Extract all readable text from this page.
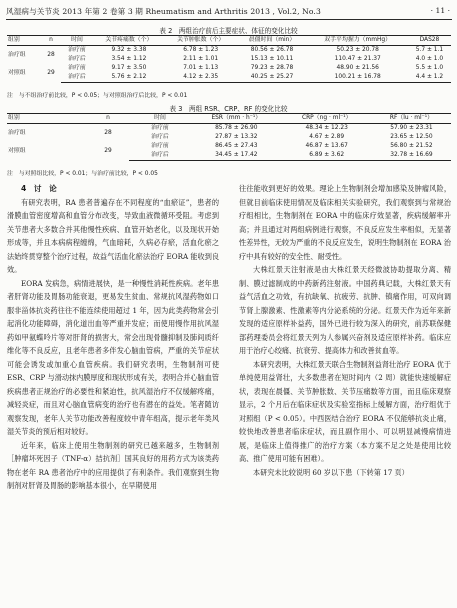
风湿病与关节炎 2013 年第 2 卷第 3 期 Rheumatism and Arthritis 2013 , Vol.2, No.3	· 11 ·
表 2　两组治疗前后主要症状、体征的变化比较
组别	n	时间	关节疼痛数（个）	关节肿胀数（个）	晨僵时间（min）	双手平均握力（mmHg）	DAS28
治疗组	28	治疗前	9.32 ± 3.38	6.78 ± 1.23	80.56 ± 26.78	50.23 ± 20.78	5.7 ± 1.1
		治疗后	3.54 ± 1.12	2.11 ± 1.01	15.13 ± 10.11	110.47 ± 21.37	4.0 ± 1.0
对照组	29	治疗前	9.17 ± 3.50	7.01 ± 1.13	79.23 ± 28.78	48.90 ± 21.56	5.5 ± 1.0
		治疗后	5.76 ± 2.12	4.12 ± 2.35	40.25 ± 25.27	100.21 ± 16.78	4.4 ± 1.2
注　与不组治疗前比较，P < 0.05；与对照组治疗后比较，P < 0.01
表 3　两组 RSR、CRP、RF 的变化比较
组别	n	时间	ESR（mm · h⁻¹）	CRP（ng · ml⁻¹）	RF（lu · ml⁻¹）
治疗组	28	治疗前	85.78 ± 26.90	48.34 ± 12.23	57.90 ± 23.31
		治疗后	27.87 ± 13.32	4.67 ± 2.89	23.65 ± 12.50
对照组	29	治疗前	86.45 ± 27.43	46.87 ± 13.67	56.80 ± 21.52
		治疗后	34.45 ± 17.42	6.89 ± 3.62	32.78 ± 16.69
注　与对照组比较，P < 0.01；与治疗前比较，P < 0.05

4　讨　论

有研究表明，RA 患者普遍存在不同程度的“血瘀证”，患者的滑膜血管密度增高和血管分布改变，导致血液微循环受阻。考虑到关节患者大多数合并其他慢性疾病、血管开始老化，以及现状开始形成等，并且本病病程缠绵，气血暗耗，久病必存瘀，活血化瘀之法始终贯穿整个治疗过程，故益气活血化瘀法治疗 EORA 能收到良效。

EORA 发病急，病情进展快，是一种慢性消耗性疾病。老年患者肝肾功能及胃肠功能衰退，更易发生贫血、常规抗风湿药物如口服非甾体抗炎药往往不能连续使用超过 1 年，因为此类药物常会引起消化功能障碍，消化道出血等严重并发症；而使用慢作用抗风湿药如甲氨蝶呤片等对肝肾的损害大，常会出现骨髓抑制及肺间质纤维化等不良反应，且老年患者多伴发心脑血管病，严重的关节症状可能会诱发或加重心血管疾病。我们研究表明，生物制剂可使 ESR、CRP 与滑动抹内膜厚度和现状形成有关，表明合并心脑血管疾病患者正规治疗的必要性和紧迫性，抗风湿治疗不仅缓解疼痛，减轻炎症，而且对心脑血管病变的治疗也有潜在的益处。笔者随访观察发现，老年人关节功能改善程度较中青年组高，提示老年类风湿关节炎的预后相对较好。

近年来，临床上使用生物制剂的研究已越来越多，生物制剂［肿瘤坏死因子（TNF-α）拮抗剂］国其良好的用药方式为该类药物在老年 RA 患者治疗中的应用提供了有利条件。我们观察到生物制剂对肝肾及胃肠的影响基本很小，在早期使用

往往能收到更好的效果。理论上生物制剂会增加感染及肿瘤风险，但就目前临床使用情况及临床相关实验研究，我们观察到与常规治疗组相比，生物制剂在 EORA 中的临床疗效显著，疾病缓解率升高；并且通过对两组病例进行观察，不良反应发生率相似，无显著性差异性，无较为严重的不良反应发生，说明生物制剂在 EORA 治疗中具有较好的安全性、耐受性。

大株红景天注射液是由大株红景天经微波协助提取分离、精制、膜过滤制成的中药新药注射液。中国药典记载，大株红景天有益气活血之功效，有抗缺氧、抗疲劳、抗肿、镇痛作用，可双向调节肾上腺激素、性激素等内分泌系统的分泌。红景天作为近年来新发现的适应原样补益药，国外已进行较为深入的研究，前苏联保健部药理委员会将红景天列为人参属兴奋剂及适应原样补药。临床应用于治疗心绞痛、抗衰劳、提高体力和改善贫血等。

本研究表明，大株红景天联合生物制剂益肾壮治疗 EORA 优于单纯使用益肾壮，大多数患者在短时间内（2 周）就能快速缓解症状，表现在晨僵、关节肿胀数、关节压痛数等方面，而且临床观察显示，2 个月后在临床症状及实验室指标上缓解方面，治疗组优于对照组（P < 0.05）。中西医结合治疗 EORA 不仅能够抗炎止痛，较快地改善患者临床症状，而且副作用小、可以明显减慢病情进展，是临床上值得推广的治疗方案（本方案不足之处是使用比较高、推广使用可能有困难）。

本研究未比较说明 60 岁以下患（下转第 17 页）
